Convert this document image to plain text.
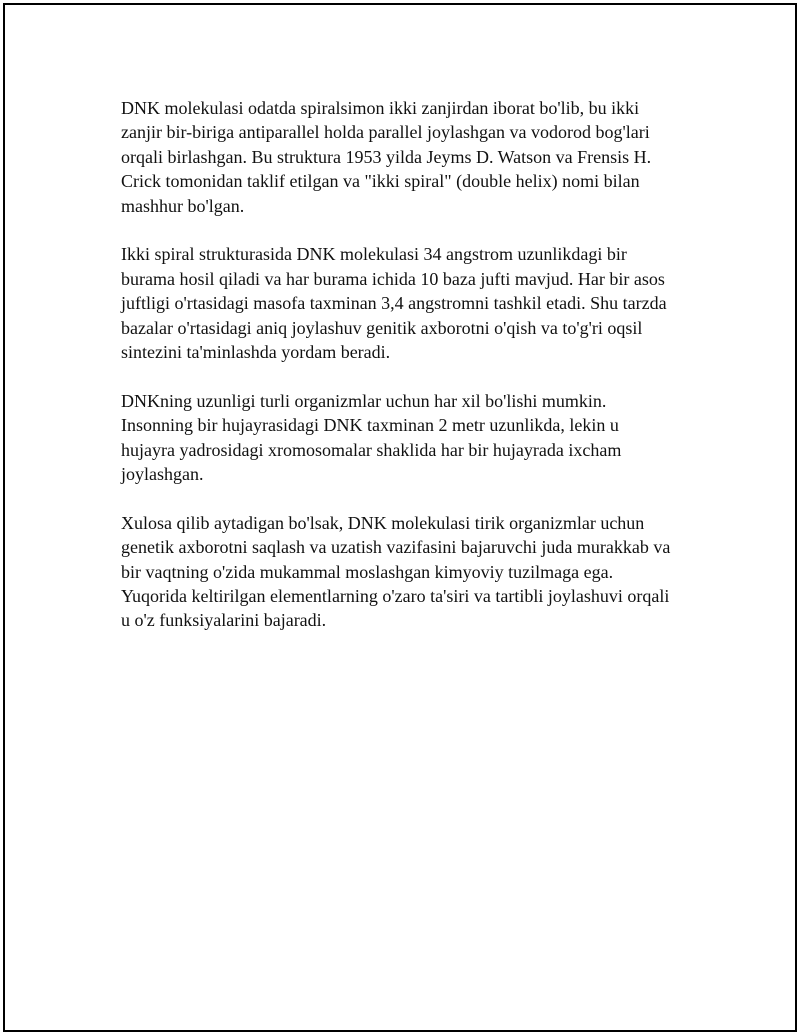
DNK molekulasi odatda spiralsimon ikki zanjirdan iborat bo'lib, bu ikki
zanjir bir-biriga antiparallel holda parallel joylashgan va vodorod bog'lari
orqali birlashgan. Bu struktura 1953 yilda Jeyms D. Watson va Frensis H.
Crick tomonidan taklif etilgan va "ikki spiral" (double helix) nomi bilan
mashhur bo'lgan.

Ikki spiral strukturasida DNK molekulasi 34 angstrom uzunlikdagi bir
burama hosil qiladi va har burama ichida 10 baza jufti mavjud. Har bir asos
juftligi o'rtasidagi masofa taxminan 3,4 angstromni tashkil etadi. Shu tarzda
bazalar o'rtasidagi aniq joylashuv genitik axborotni o'qish va to'g'ri oqsil
sintezini ta'minlashda yordam beradi.

DNKning uzunligi turli organizmlar uchun har xil bo'lishi mumkin.
Insonning bir hujayrasidagi DNK taxminan 2 metr uzunlikda, lekin u
hujayra yadrosidagi xromosomalar shaklida har bir hujayrada ixcham
joylashgan.

Xulosa qilib aytadigan bo'lsak, DNK molekulasi tirik organizmlar uchun
genetik axborotni saqlash va uzatish vazifasini bajaruvchi juda murakkab va
bir vaqtning o'zida mukammal moslashgan kimyoviy tuzilmaga ega.
Yuqorida keltirilgan elementlarning o'zaro ta'siri va tartibli joylashuvi orqali
u o'z funksiyalarini bajaradi.
